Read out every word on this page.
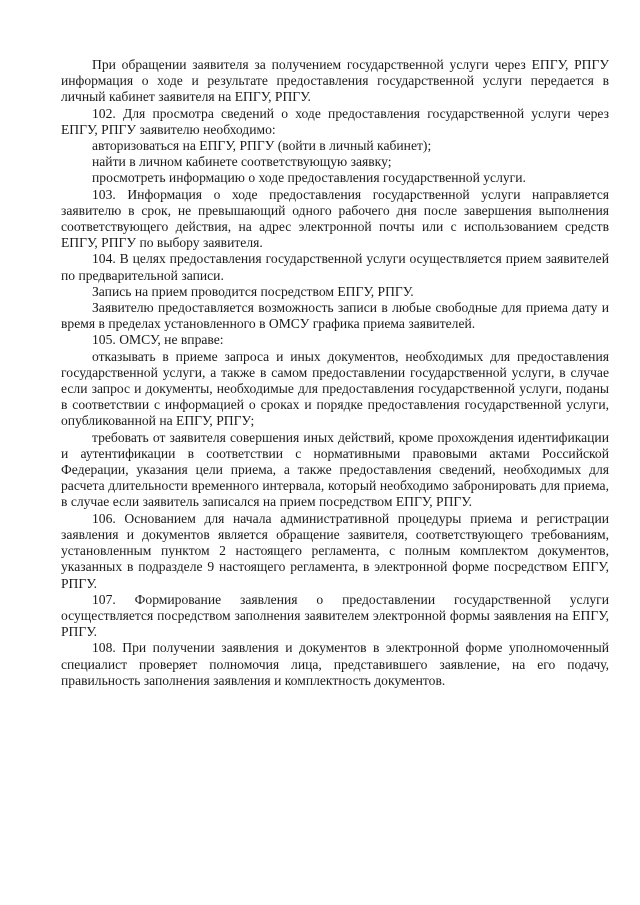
При обращении заявителя за получением государственной услуги через ЕПГУ, РПГУ информация о ходе и результате предоставления государственной услуги передается в личный кабинет заявителя на ЕПГУ, РПГУ.

102. Для просмотра сведений о ходе предоставления государственной услуги через ЕПГУ, РПГУ заявителю необходимо:

авторизоваться на ЕПГУ, РПГУ (войти в личный кабинет);

найти в личном кабинете соответствующую заявку;

просмотреть информацию о ходе предоставления государственной услуги.

103. Информация о ходе предоставления государственной услуги направляется заявителю в срок, не превышающий одного рабочего дня после завершения выполнения соответствующего действия, на адрес электронной почты или с использованием средств ЕПГУ, РПГУ по выбору заявителя.

104. В целях предоставления государственной услуги осуществляется прием заявителей по предварительной записи.

Запись на прием проводится посредством ЕПГУ, РПГУ.

Заявителю предоставляется возможность записи в любые свободные для приема дату и время в пределах установленного в ОМСУ графика приема заявителей.

105. ОМСУ, не вправе:

отказывать в приеме запроса и иных документов, необходимых для предоставления государственной услуги, а также в самом предоставлении государственной услуги, в случае если запрос и документы, необходимые для предоставления государственной услуги, поданы в соответствии с информацией о сроках и порядке предоставления государственной услуги, опубликованной на ЕПГУ, РПГУ;

требовать от заявителя совершения иных действий, кроме прохождения идентификации и аутентификации в соответствии с нормативными правовыми актами Российской Федерации, указания цели приема, а также предоставления сведений, необходимых для расчета длительности временного интервала, который необходимо забронировать для приема, в случае если заявитель записался на прием посредством ЕПГУ, РПГУ.

106. Основанием для начала административной процедуры приема и регистрации заявления и документов является обращение заявителя, соответствующего требованиям, установленным пунктом 2 настоящего регламента, с полным комплектом документов, указанных в подразделе 9 настоящего регламента, в электронной форме посредством ЕПГУ, РПГУ.

107. Формирование заявления о предоставлении государственной услуги осуществляется посредством заполнения заявителем электронной формы заявления на ЕПГУ, РПГУ.

108. При получении заявления и документов в электронной форме уполномоченный специалист проверяет полномочия лица, представившего заявление, на его подачу, правильность заполнения заявления и комплектность документов.
